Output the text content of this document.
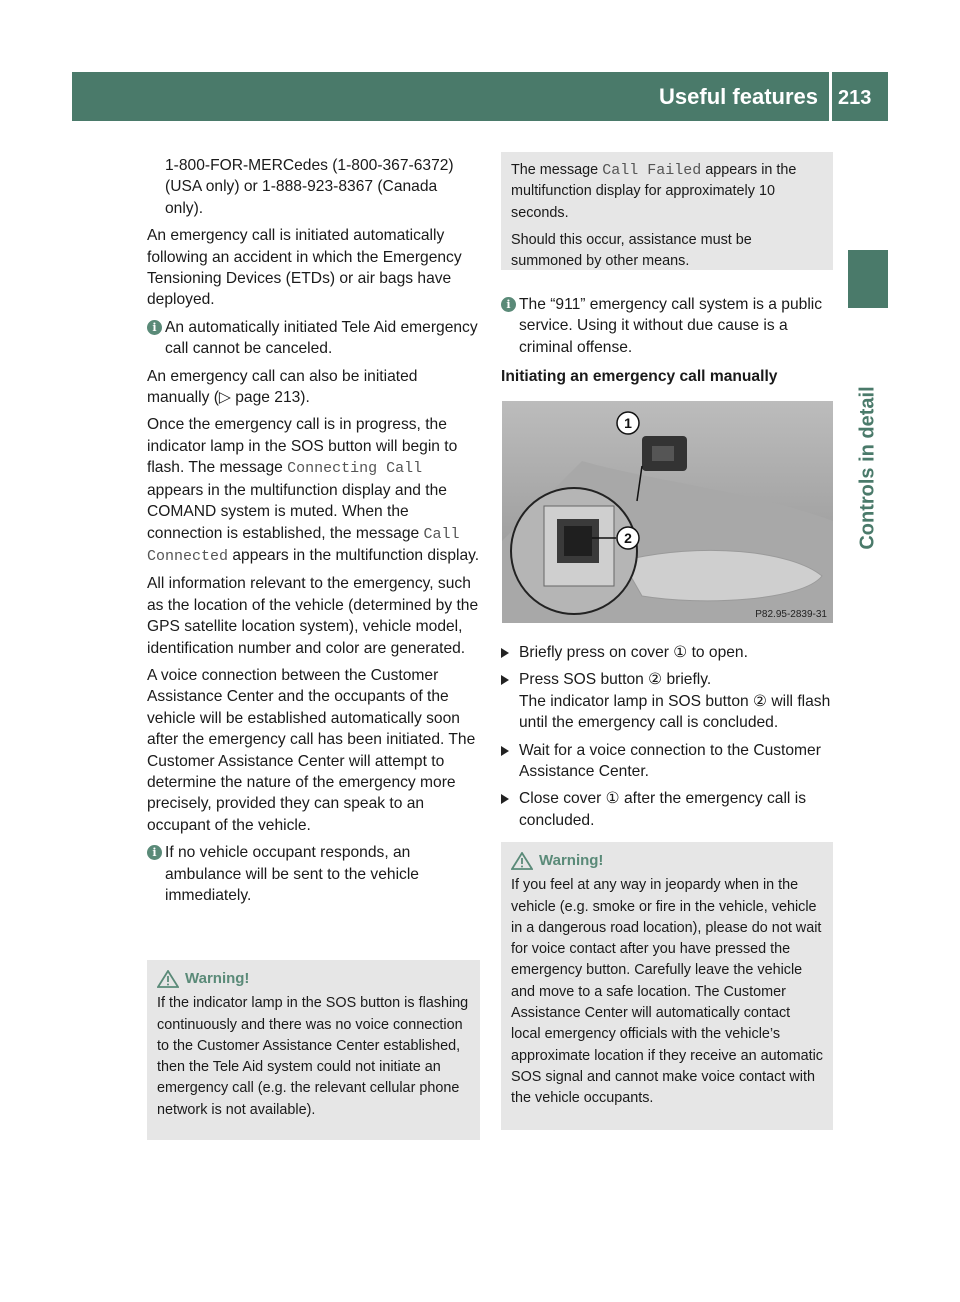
Useful features 213
Controls in detail

1-800-FOR-MERCedes (1-800-367-6372)
(USA only) or 1-888-923-8367 (Canada
only).

An emergency call is initiated automatically following an accident in which the Emergency Tensioning Devices (ETDs) or air bags have deployed.

i An automatically initiated Tele Aid emergency call cannot be canceled.

An emergency call can also be initiated manually (▷ page 213).

Once the emergency call is in progress, the indicator lamp in the SOS button will begin to flash. The message Connecting Call appears in the multifunction display and the COMAND system is muted. When the connection is established, the message Call Connected appears in the multifunction display.

All information relevant to the emergency, such as the location of the vehicle (determined by the GPS satellite location system), vehicle model, identification number and color are generated.

A voice connection between the Customer Assistance Center and the occupants of the vehicle will be established automatically soon after the emergency call has been initiated. The Customer Assistance Center will attempt to determine the nature of the emergency more precisely, provided they can speak to an occupant of the vehicle.

i If no vehicle occupant responds, an ambulance will be sent to the vehicle immediately.

Warning!

If the indicator lamp in the SOS button is flashing continuously and there was no voice connection to the Customer Assistance Center established, then the Tele Aid system could not initiate an emergency call (e.g. the relevant cellular phone network is not available).

The message Call Failed appears in the multifunction display for approximately 10 seconds.

Should this occur, assistance must be summoned by other means.

i The “911” emergency call system is a public service. Using it without due cause is a criminal offense.

Initiating an emergency call manually

1
2
P82.95-2839-31

Briefly press on cover ① to open.

Press SOS button ② briefly.
The indicator lamp in SOS button ② will flash until the emergency call is concluded.

Wait for a voice connection to the Customer Assistance Center.

Close cover ① after the emergency call is concluded.

Warning!

If you feel at any way in jeopardy when in the vehicle (e.g. smoke or fire in the vehicle, vehicle in a dangerous road location), please do not wait for voice contact after you have pressed the emergency button. Carefully leave the vehicle and move to a safe location. The Customer Assistance Center will automatically contact local emergency officials with the vehicle’s approximate location if they receive an automatic SOS signal and cannot make voice contact with the vehicle occupants.
